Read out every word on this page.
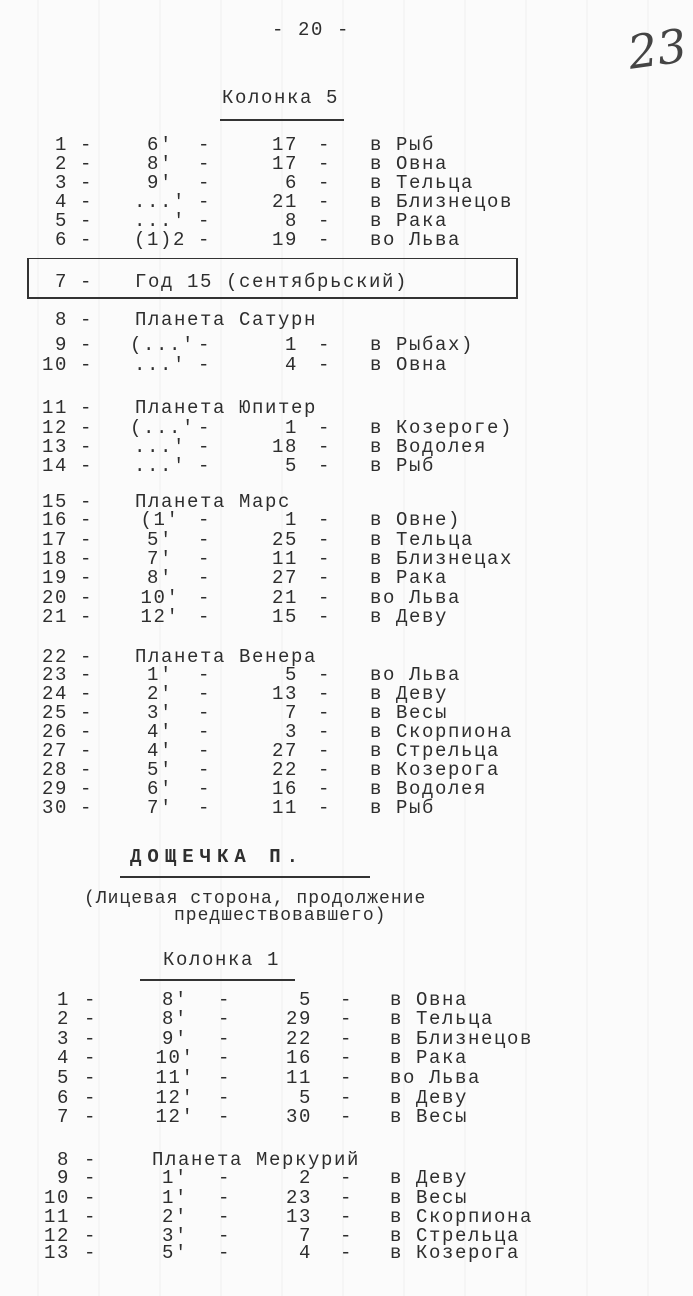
- 20 -	23
Колонка 5
1 -	6'	-	17 - в Рыб
2 -	8'	-	17 - в Овна
3 -	9'	-	6 - в Тельца
4 - ...' -	21 - в Близнецов
5 - ...' -	8 - в Рака
6 - (1)2 -	19 - во Льва
7 - Год 15 (сентябрьский)
8 - Планета Сатурн
9 - (...' -	1 - в Рыбах)
10 - ...' -	4 - в Овна
11 - Планета Юпитер
12 - (...' -	1 - в Козероге)
13 - ...' -	18 - в Водолея
14 - ...' -	5 - в Рыб
15 - Планета Марс
16 -	(1' -	1 - в Овне)
17 -	5'	-	25 - в Тельца
18 -	7'	-	11 - в Близнецах
19 -	8'	-	27 - в Рака
20 -	10' -	21 - во Льва
21 -	12' -	15 - в Деву
22 - Планета Венера
23 -	1'	-	5 - во Льва
24 -	2'	-	13 - в Деву
25 -	3'	-	7 - в Весы
26 -	4'	-	3 - в Скорпиона
27 -	4'	-	27 - в Стрельца
28 -	5'	-	22 - в Козерога
29 -	6'	-	16 - в Водолея
30 -	7'	-	11 - в Рыб
ДОЩЕЧКА П.
(Лицевая сторона, продолжение
предшествовавшего)
Колонка 1
1 -	8'	-	5 - в Овна
2 -	8'	-	29 - в Тельца
3 -	9'	-	22 - в Близнецов
4 -	10'	-	16 - в Рака
5 -	11'	-	11 - во Льва
6 -	12'	-	5 - в Деву
7 -	12'	-	30 - в Весы
8 -	Планета Меркурий
9 -	1'	-	2 - в Деву
10 -	1'	-	23 - в Весы
11 -	2'	-	13 - в Скорпиона
12 -	3'	-	7 - в Стрельца
13 -	5'	-	4 - в Козерога
